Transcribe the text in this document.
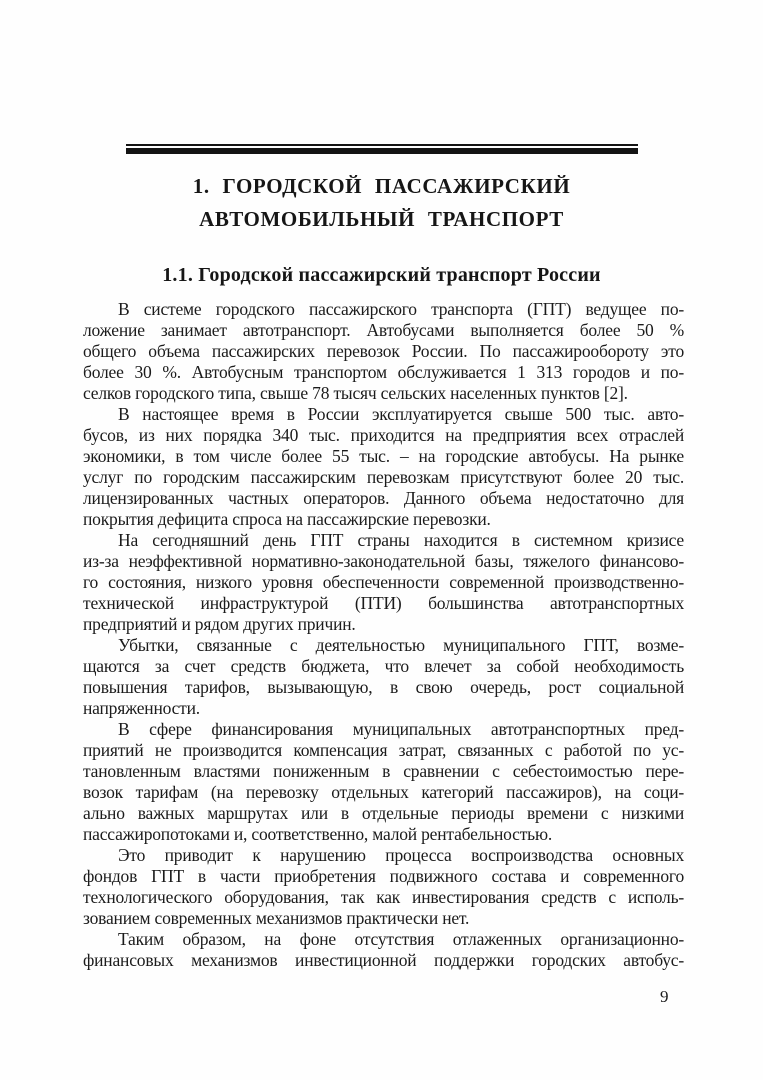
1. ГОРОДСКОЙ ПАССАЖИРСКИЙ
АВТОМОБИЛЬНЫЙ ТРАНСПОРТ
1.1. Городской пассажирский транспорт России
В системе городского пассажирского транспорта (ГПТ) ведущее по-
ложение занимает автотранспорт. Автобусами выполняется более 50 %
общего объема пассажирских перевозок России. По пассажирообороту это
более 30 %. Автобусным транспортом обслуживается 1 313 городов и по-
селков городского типа, свыше 78 тысяч сельских населенных пунктов [2].
В настоящее время в России эксплуатируется свыше 500 тыс. авто-
бусов, из них порядка 340 тыс. приходится на предприятия всех отраслей
экономики, в том числе более 55 тыс. – на городские автобусы. На рынке
услуг по городским пассажирским перевозкам присутствуют более 20 тыс.
лицензированных частных операторов. Данного объема недостаточно для
покрытия дефицита спроса на пассажирские перевозки.
На сегодняшний день ГПТ страны находится в системном кризисе
из-за неэффективной нормативно-законодательной базы, тяжелого финансово-
го состояния, низкого уровня обеспеченности современной производственно-
технической инфраструктурой (ПТИ) большинства автотранспортных
предприятий и рядом других причин.
Убытки, связанные с деятельностью муниципального ГПТ, возме-
щаются за счет средств бюджета, что влечет за собой необходимость
повышения тарифов, вызывающую, в свою очередь, рост социальной
напряженности.
В сфере финансирования муниципальных автотранспортных пред-
приятий не производится компенсация затрат, связанных с работой по ус-
тановленным властями пониженным в сравнении с себестоимостью пере-
возок тарифам (на перевозку отдельных категорий пассажиров), на соци-
ально важных маршрутах или в отдельные периоды времени с низкими
пассажиропотоками и, соответственно, малой рентабельностью.
Это приводит к нарушению процесса воспроизводства основных
фондов ГПТ в части приобретения подвижного состава и современного
технологического оборудования, так как инвестирования средств с исполь-
зованием современных механизмов практически нет.
Таким образом, на фоне отсутствия отлаженных организационно-
финансовых механизмов инвестиционной поддержки городских автобус-
9
